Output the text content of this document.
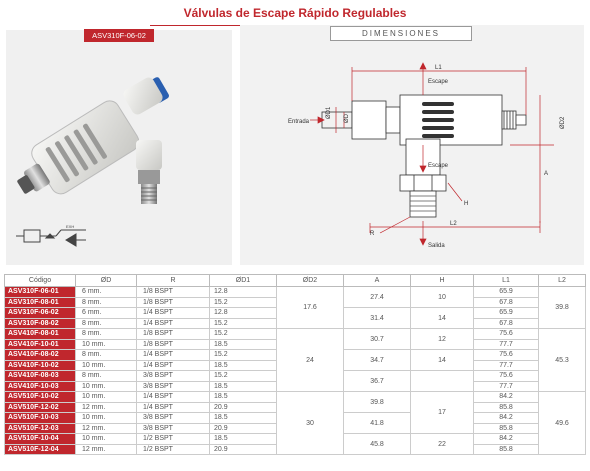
Válvulas de Escape Rápido Regulables
EXH
ASV310F-06-02
L1
L2
Escape
Escape
Entrada
Salida
ØD1 ØD	ØD2
A
H
R
DIMENSIONES
Código	ØD	R	ØD1	ØD2	A	H	L1	L2
ASV310F-06-01	6 mm.	1/8 BSPT	12.8	17.6	27.4	10	65.9	39.8
ASV310F-08-01	8 mm.	1/8 BSPT	15.2				67.8	
ASV310F-06-02	6 mm.	1/4 BSPT	12.8		31.4	14	65.9	
ASV310F-08-02	8 mm.	1/4 BSPT	15.2				67.8	
ASV410F-08-01	8 mm.	1/8 BSPT	15.2	24	30.7	12	75.6	45.3
ASV410F-10-01	10 mm.	1/8 BSPT	18.5				77.7	
ASV410F-08-02	8 mm.	1/4 BSPT	15.2		34.7	14	75.6	
ASV410F-10-02	10 mm.	1/4 BSPT	18.5				77.7	
ASV410F-08-03	8 mm.	3/8 BSPT	15.2		36.7		75.6	
ASV410F-10-03	10 mm.	3/8 BSPT	18.5				77.7	
ASV510F-10-02	10 mm.	1/4 BSPT	18.5	30	39.8	17	84.2	49.6
ASV510F-12-02	12 mm.	1/4 BSPT	20.9				85.8	
ASV510F-10-03	10 mm.	3/8 BSPT	18.5		41.8		84.2	
ASV510F-12-03	12 mm.	3/8 BSPT	20.9				85.8	
ASV510F-10-04	10 mm.	1/2 BSPT	18.5		45.8	22	84.2	
ASV510F-12-04	12 mm.	1/2 BSPT	20.9				85.8	
